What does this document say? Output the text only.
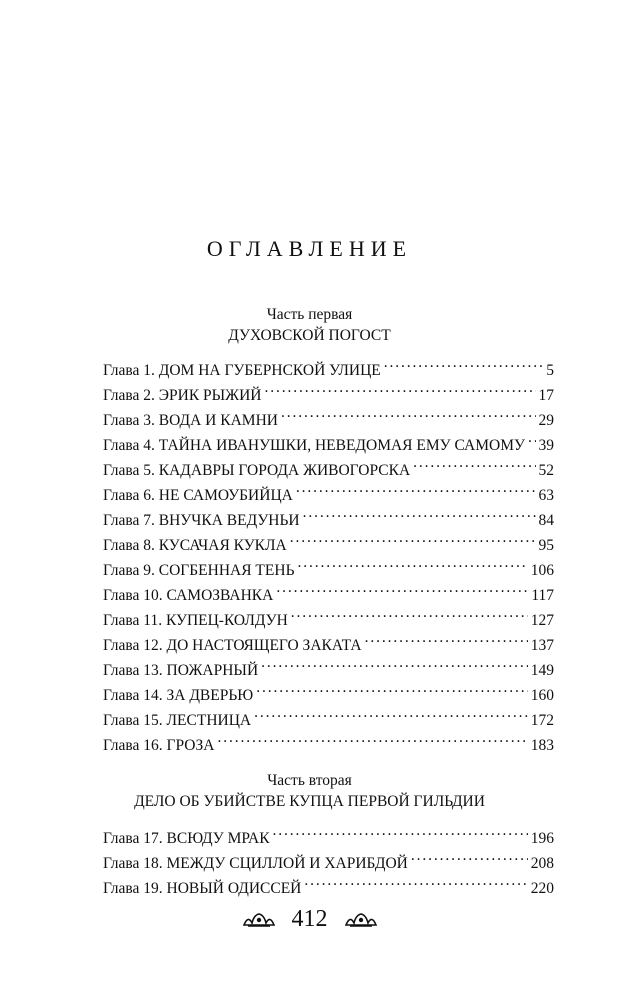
ОГЛАВЛЕНИЕ
Часть первая
ДУХОВСКОЙ ПОГОСТ
Глава 1. ДОМ НА ГУБЕРНСКОЙ УЛИЦЕ . . .	5
Глава 2. ЭРИК РЫЖИЙ . . .	17
Глава 3. ВОДА И КАМНИ . . .	29
Глава 4. ТАЙНА ИВАНУШКИ, НЕВЕДОМАЯ ЕМУ САМОМУ . . . 39
Глава 5. КАДАВРЫ ГОРОДА ЖИВОГОРСКА . . .	52
Глава 6. НЕ САМОУБИЙЦА . . .	63
Глава 7. ВНУЧКА ВЕДУНЬИ . . .	84
Глава 8. КУСАЧАЯ КУКЛА . . .	95
Глава 9. СОГБЕННАЯ ТЕНЬ . . .	106
Глава 10. САМОЗВАНКА . . .	117
Глава 11. КУПЕЦ-КОЛДУН . . .	127
Глава 12. ДО НАСТОЯЩЕГО ЗАКАТА . . .	137
Глава 13. ПОЖАРНЫЙ . . .	149
Глава 14. ЗА ДВЕРЬЮ . . .	160
Глава 15. ЛЕСТНИЦА . . .	172
Глава 16. ГРОЗА . . .	183
Часть вторая
ДЕЛО ОБ УБИЙСТВЕ КУПЦА ПЕРВОЙ ГИЛЬДИИ
Глава 17. ВСЮДУ МРАК . . .	196
Глава 18. МЕЖДУ СЦИЛЛОЙ И ХАРИБДОЙ . . .	208
Глава 19. НОВЫЙ ОДИССЕЙ . . .	220
412
